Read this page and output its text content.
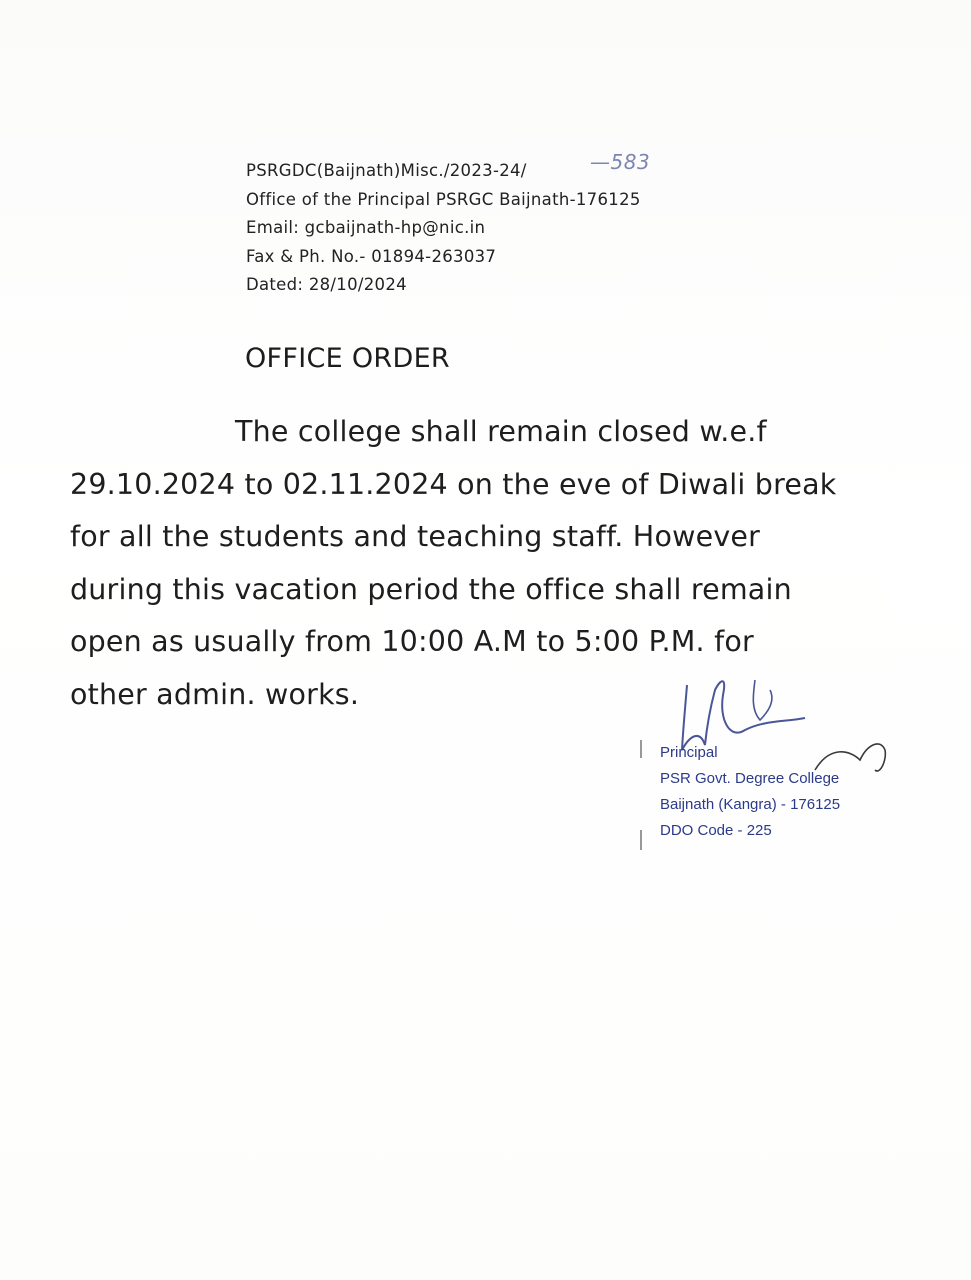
PSRGDC(Baijnath)Misc./2023-24/
Office of the Principal PSRGC Baijnath-176125
Email: gcbaijnath-hp@nic.in
Fax & Ph. No.- 01894-263037
Dated: 28/10/2024
—583
OFFICE ORDER
The college shall remain closed w.e.f
29.10.2024 to 02.11.2024 on the eve of Diwali break
for all the students and teaching staff. However
during this vacation period the office shall remain
open as usually from 10:00 A.M to 5:00 P.M. for
other admin. works.
Principal
PSR Govt. Degree College
Baijnath (Kangra) - 176125
DDO Code - 225
